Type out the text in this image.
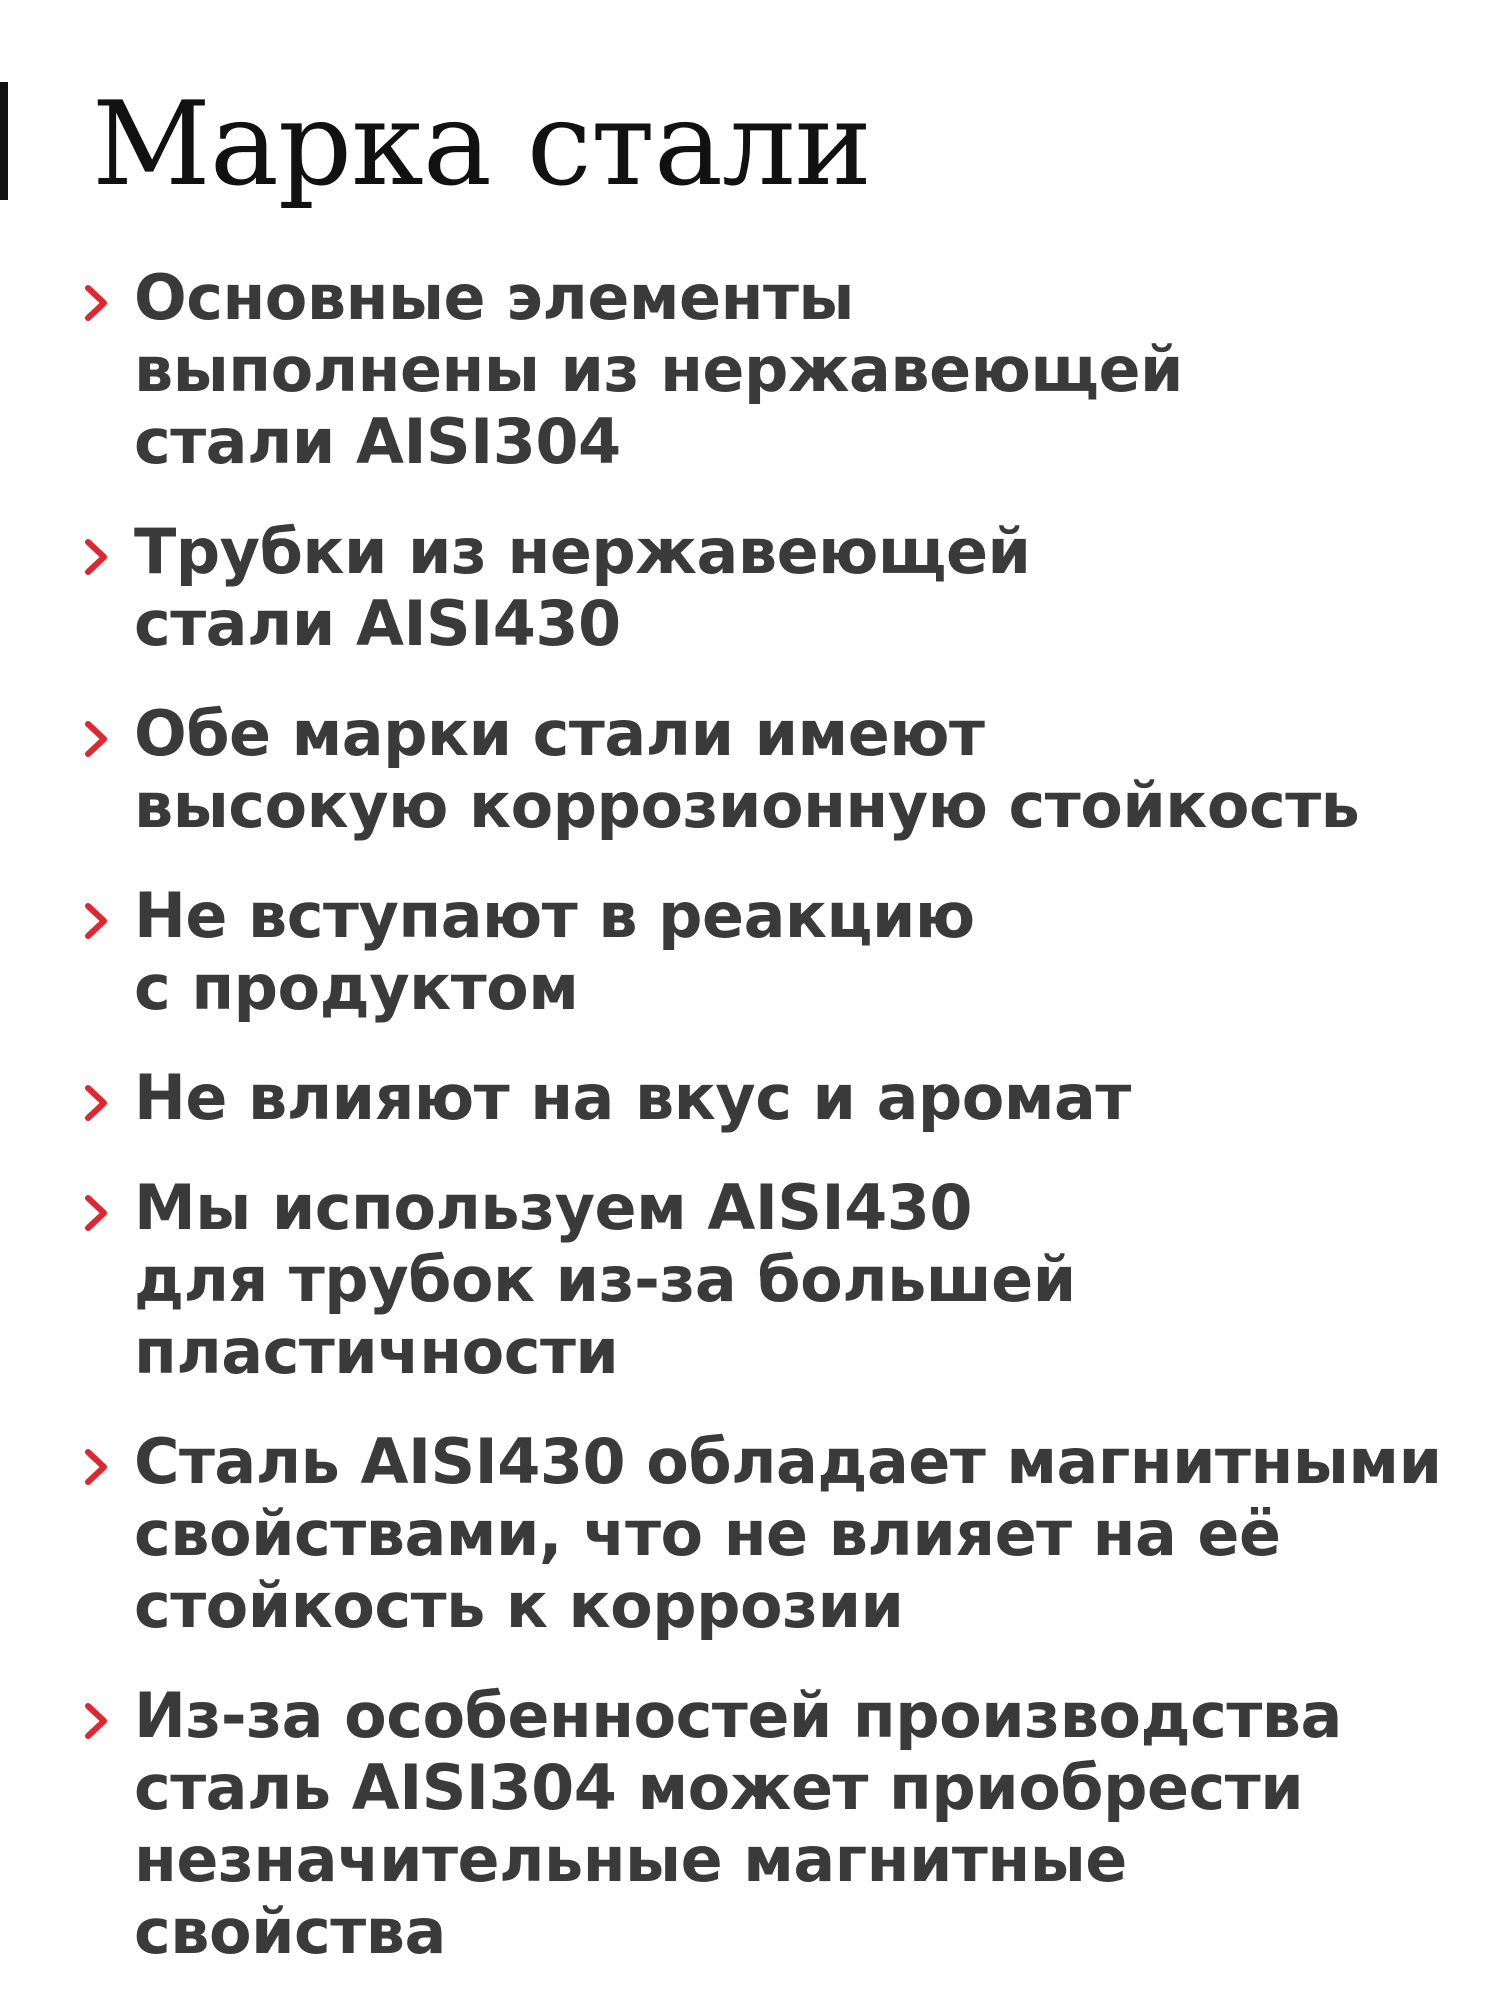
Марка стали
Основные элементы
выполнены из нержавеющей
стали AISI304
Трубки из нержавеющей
стали AISI430
Обе марки стали имеют
высокую коррозионную стойкость
Не вступают в реакцию
с продуктом
Не влияют на вкус и аромат
Мы используем AISI430
для трубок из-за большей
пластичности
Сталь AISI430 обладает магнитными
свойствами, что не влияет на её
стойкость к коррозии
Из-за особенностей производства
сталь AISI304 может приобрести
незначительные магнитные
свойства
